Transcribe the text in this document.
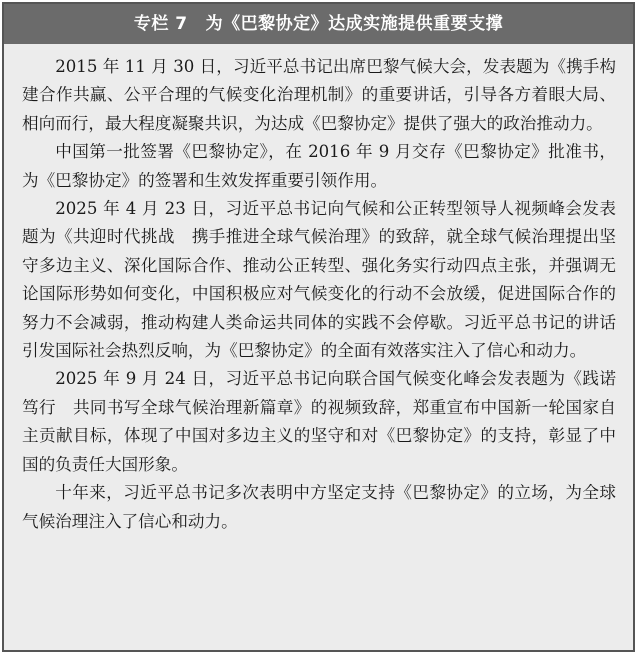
专栏 7 为《巴黎协定》达成实施提供重要支撑

2015 年 11 月 30 日，习近平总书记出席巴黎气候大会，发表题为《携手构建合作共赢、公平合理的气候变化治理机制》的重要讲话，引导各方着眼大局、相向而行，最大程度凝聚共识，为达成《巴黎协定》提供了强大的政治推动力。

中国第一批签署《巴黎协定》，在 2016 年 9 月交存《巴黎协定》批准书，为《巴黎协定》的签署和生效发挥重要引领作用。

2025 年 4 月 23 日，习近平总书记向气候和公正转型领导人视频峰会发表题为《共迎时代挑战　携手推进全球气候治理》的致辞，就全球气候治理提出坚守多边主义、深化国际合作、推动公正转型、强化务实行动四点主张，并强调无论国际形势如何变化，中国积极应对气候变化的行动不会放缓，促进国际合作的努力不会减弱，推动构建人类命运共同体的实践不会停歇。习近平总书记的讲话引发国际社会热烈反响，为《巴黎协定》的全面有效落实注入了信心和动力。

2025 年 9 月 24 日，习近平总书记向联合国气候变化峰会发表题为《践诺笃行　共同书写全球气候治理新篇章》的视频致辞，郑重宣布中国新一轮国家自主贡献目标，体现了中国对多边主义的坚守和对《巴黎协定》的支持，彰显了中国的负责任大国形象。

十年来，习近平总书记多次表明中方坚定支持《巴黎协定》的立场，为全球气候治理注入了信心和动力。
